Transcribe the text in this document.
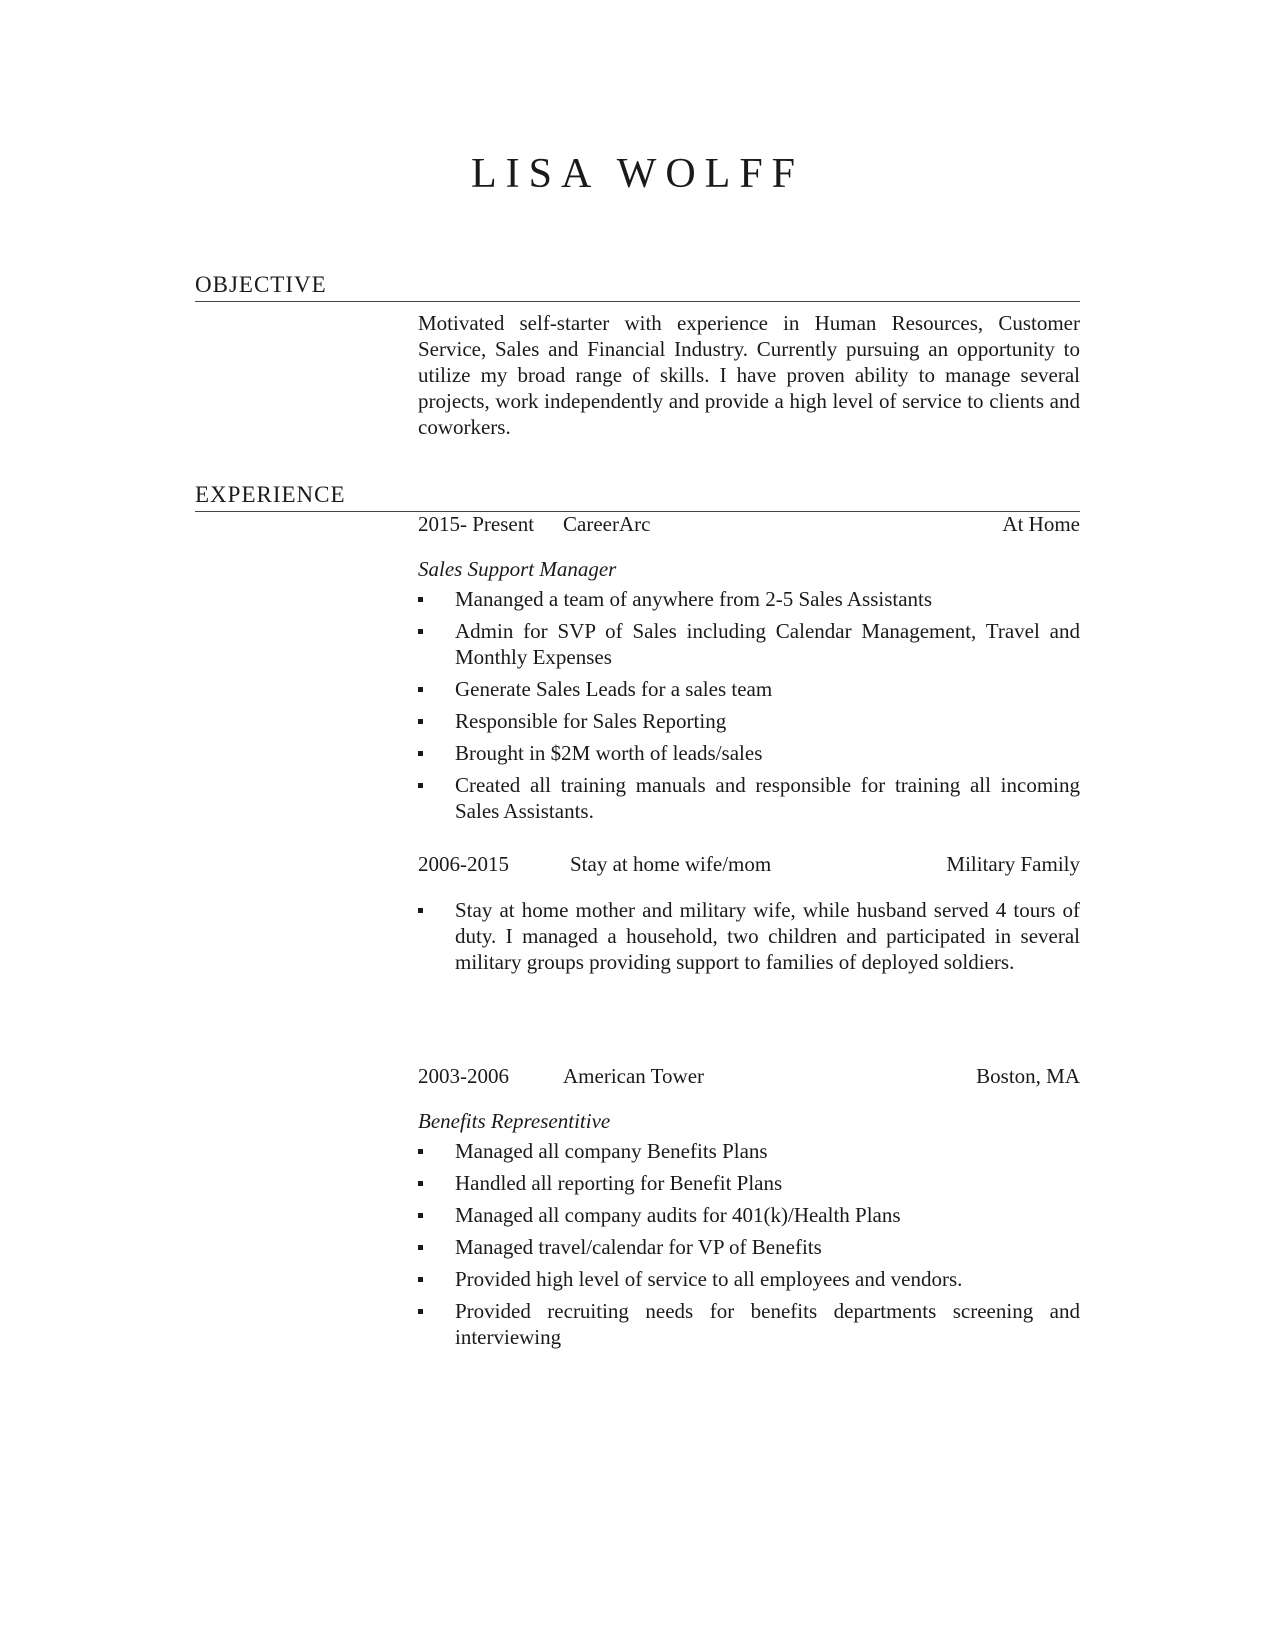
LISA WOLFF
OBJECTIVE

Motivated self-starter with experience in Human Resources, Customer Service, Sales and Financial Industry. Currently pursuing an opportunity to utilize my broad range of skills. I have proven ability to manage several projects, work independently and provide a high level of service to clients and coworkers.

EXPERIENCE
2015- Present CareerArc	At Home
Sales Support Manager
Mananged a team of anywhere from 2-5 Sales Assistants
Admin for SVP of Sales including Calendar Management, Travel and Monthly Expenses
Generate Sales Leads for a sales team
Responsible for Sales Reporting
Brought in $2M worth of leads/sales
Created all training manuals and responsible for training all incoming Sales Assistants.
2006-2015	Stay at home wife/mom	Military Family
Stay at home mother and military wife, while husband served 4 tours of duty. I managed a household, two children and participated in several military groups providing support to families of deployed soldiers.
2003-2006	American Tower	Boston, MA
Benefits Representitive
Managed all company Benefits Plans
Handled all reporting for Benefit Plans
Managed all company audits for 401(k)/Health Plans
Managed travel/calendar for VP of Benefits
Provided high level of service to all employees and vendors.
Provided recruiting needs for benefits departments screening and interviewing
